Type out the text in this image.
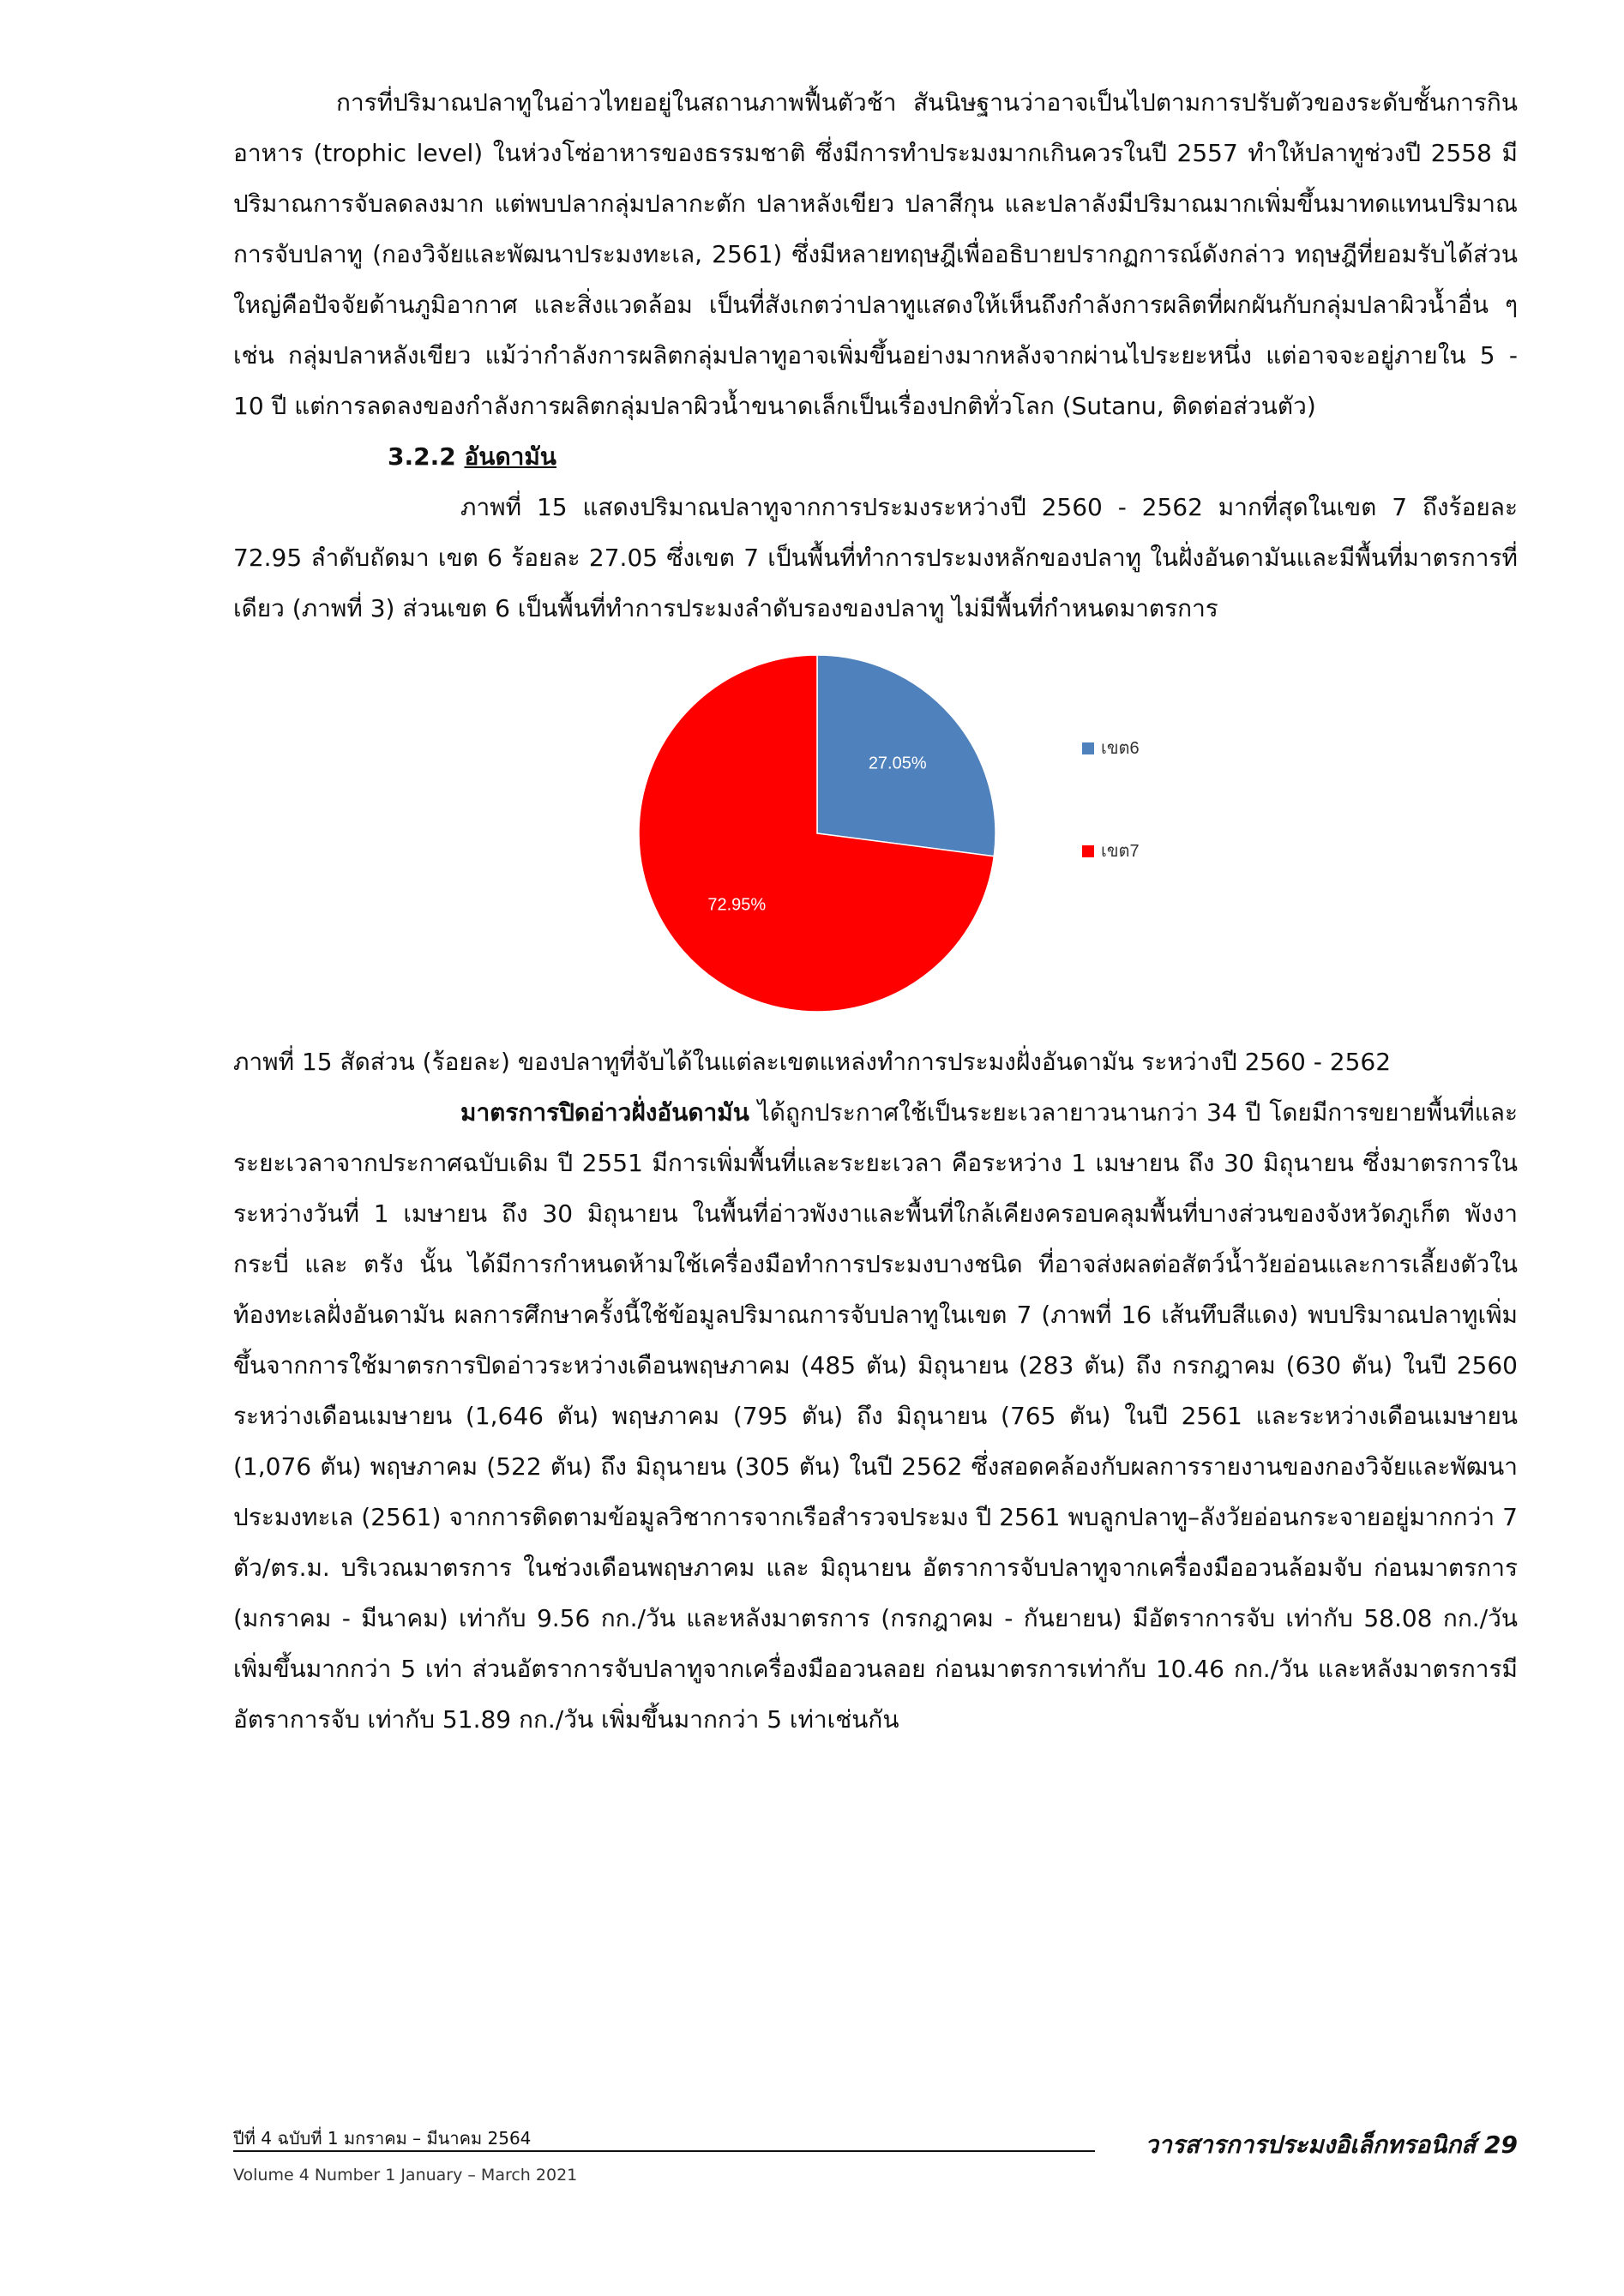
การที่ปริมาณปลาทูในอ่าวไทยอยู่ในสถานภาพฟื้นตัวช้า สันนิษฐานว่าอาจเป็นไปตามการปรับตัวของระดับชั้นการกินอาหาร (trophic level) ในห่วงโซ่อาหารของธรรมชาติ ซึ่งมีการทำประมงมากเกินควรในปี 2557 ทำให้ปลาทูช่วงปี 2558 มีปริมาณการจับลดลงมาก แต่พบปลากลุ่มปลากะตัก ปลาหลังเขียว ปลาสีกุน และปลาลังมีปริมาณมากเพิ่มขึ้นมาทดแทนปริมาณการจับปลาทู (กองวิจัยและพัฒนาประมงทะเล, 2561) ซึ่งมีหลายทฤษฎีเพื่ออธิบายปรากฏการณ์ดังกล่าว ทฤษฎีที่ยอมรับได้ส่วนใหญ่คือปัจจัยด้านภูมิอากาศ และสิ่งแวดล้อม เป็นที่สังเกตว่าปลาทูแสดงให้เห็นถึงกำลังการผลิตที่ผกผันกับกลุ่มปลาผิวน้ำอื่น ๆ เช่น กลุ่มปลาหลังเขียว แม้ว่ากำลังการผลิตกลุ่มปลาทูอาจเพิ่มขึ้นอย่างมากหลังจากผ่านไประยะหนึ่ง แต่อาจจะอยู่ภายใน 5 - 10 ปี แต่การลดลงของกำลังการผลิตกลุ่มปลาผิวน้ำขนาดเล็กเป็นเรื่องปกติทั่วโลก (Sutanu, ติดต่อส่วนตัว)

3.2.2 อันดามัน

ภาพที่ 15 แสดงปริมาณปลาทูจากการประมงระหว่างปี 2560 - 2562 มากที่สุดในเขต 7 ถึงร้อยละ 72.95 ลำดับถัดมา เขต 6 ร้อยละ 27.05 ซึ่งเขต 7 เป็นพื้นที่ทำการประมงหลักของปลาทู ในฝั่งอันดามันและมีพื้นที่มาตรการที่เดียว (ภาพที่ 3) ส่วนเขต 6 เป็นพื้นที่ทำการประมงลำดับรองของปลาทู ไม่มีพื้นที่กำหนดมาตรการ

27.05%
72.95%
เขต6
เขต7

ภาพที่ 15 สัดส่วน (ร้อยละ) ของปลาทูที่จับได้ในแต่ละเขตแหล่งทำการประมงฝั่งอันดามัน ระหว่างปี 2560 - 2562

มาตรการปิดอ่าวฝั่งอันดามัน ได้ถูกประกาศใช้เป็นระยะเวลายาวนานกว่า 34 ปี โดยมีการขยายพื้นที่และระยะเวลาจากประกาศฉบับเดิม ปี 2551 มีการเพิ่มพื้นที่และระยะเวลา คือระหว่าง 1 เมษายน ถึง 30 มิถุนายน ซึ่งมาตรการในระหว่างวันที่ 1 เมษายน ถึง 30 มิถุนายน ในพื้นที่อ่าวพังงาและพื้นที่ใกล้เคียงครอบคลุมพื้นที่บางส่วนของจังหวัดภูเก็ต พังงา กระบี่ และ ตรัง นั้น ได้มีการกำหนดห้ามใช้เครื่องมือทำการประมงบางชนิด ที่อาจส่งผลต่อสัตว์น้ำวัยอ่อนและการเลี้ยงตัวในท้องทะเลฝั่งอันดามัน ผลการศึกษาครั้งนี้ใช้ข้อมูลปริมาณการจับปลาทูในเขต 7 (ภาพที่ 16 เส้นทึบสีแดง) พบปริมาณปลาทูเพิ่มขึ้นจากการใช้มาตรการปิดอ่าวระหว่างเดือนพฤษภาคม (485 ตัน) มิถุนายน (283 ตัน) ถึง กรกฎาคม (630 ตัน) ในปี 2560 ระหว่างเดือนเมษายน (1,646 ตัน) พฤษภาคม (795 ตัน) ถึง มิถุนายน (765 ตัน) ในปี 2561 และระหว่างเดือนเมษายน (1,076 ตัน) พฤษภาคม (522 ตัน) ถึง มิถุนายน (305 ตัน) ในปี 2562 ซึ่งสอดคล้องกับผลการรายงานของกองวิจัยและพัฒนาประมงทะเล (2561) จากการติดตามข้อมูลวิชาการจากเรือสำรวจประมง ปี 2561 พบลูกปลาทู–ลังวัยอ่อนกระจายอยู่มากกว่า 7 ตัว/ตร.ม. บริเวณมาตรการ ในช่วงเดือนพฤษภาคม และ มิถุนายน อัตราการจับปลาทูจากเครื่องมืออวนล้อมจับ ก่อนมาตรการ (มกราคม - มีนาคม) เท่ากับ 9.56 กก./วัน และหลังมาตรการ (กรกฎาคม - กันยายน) มีอัตราการจับ เท่ากับ 58.08 กก./วัน เพิ่มขึ้นมากกว่า 5 เท่า ส่วนอัตราการจับปลาทูจากเครื่องมืออวนลอย ก่อนมาตรการเท่ากับ 10.46 กก./วัน และหลังมาตรการมีอัตราการจับ เท่ากับ 51.89 กก./วัน เพิ่มขึ้นมากกว่า 5 เท่าเช่นกัน

ปีที่ 4 ฉบับที่ 1 มกราคม – มีนาคม 2564	วารสารการประมงอิเล็กทรอนิกส์ 29
Volume 4 Number 1 January – March 2021
